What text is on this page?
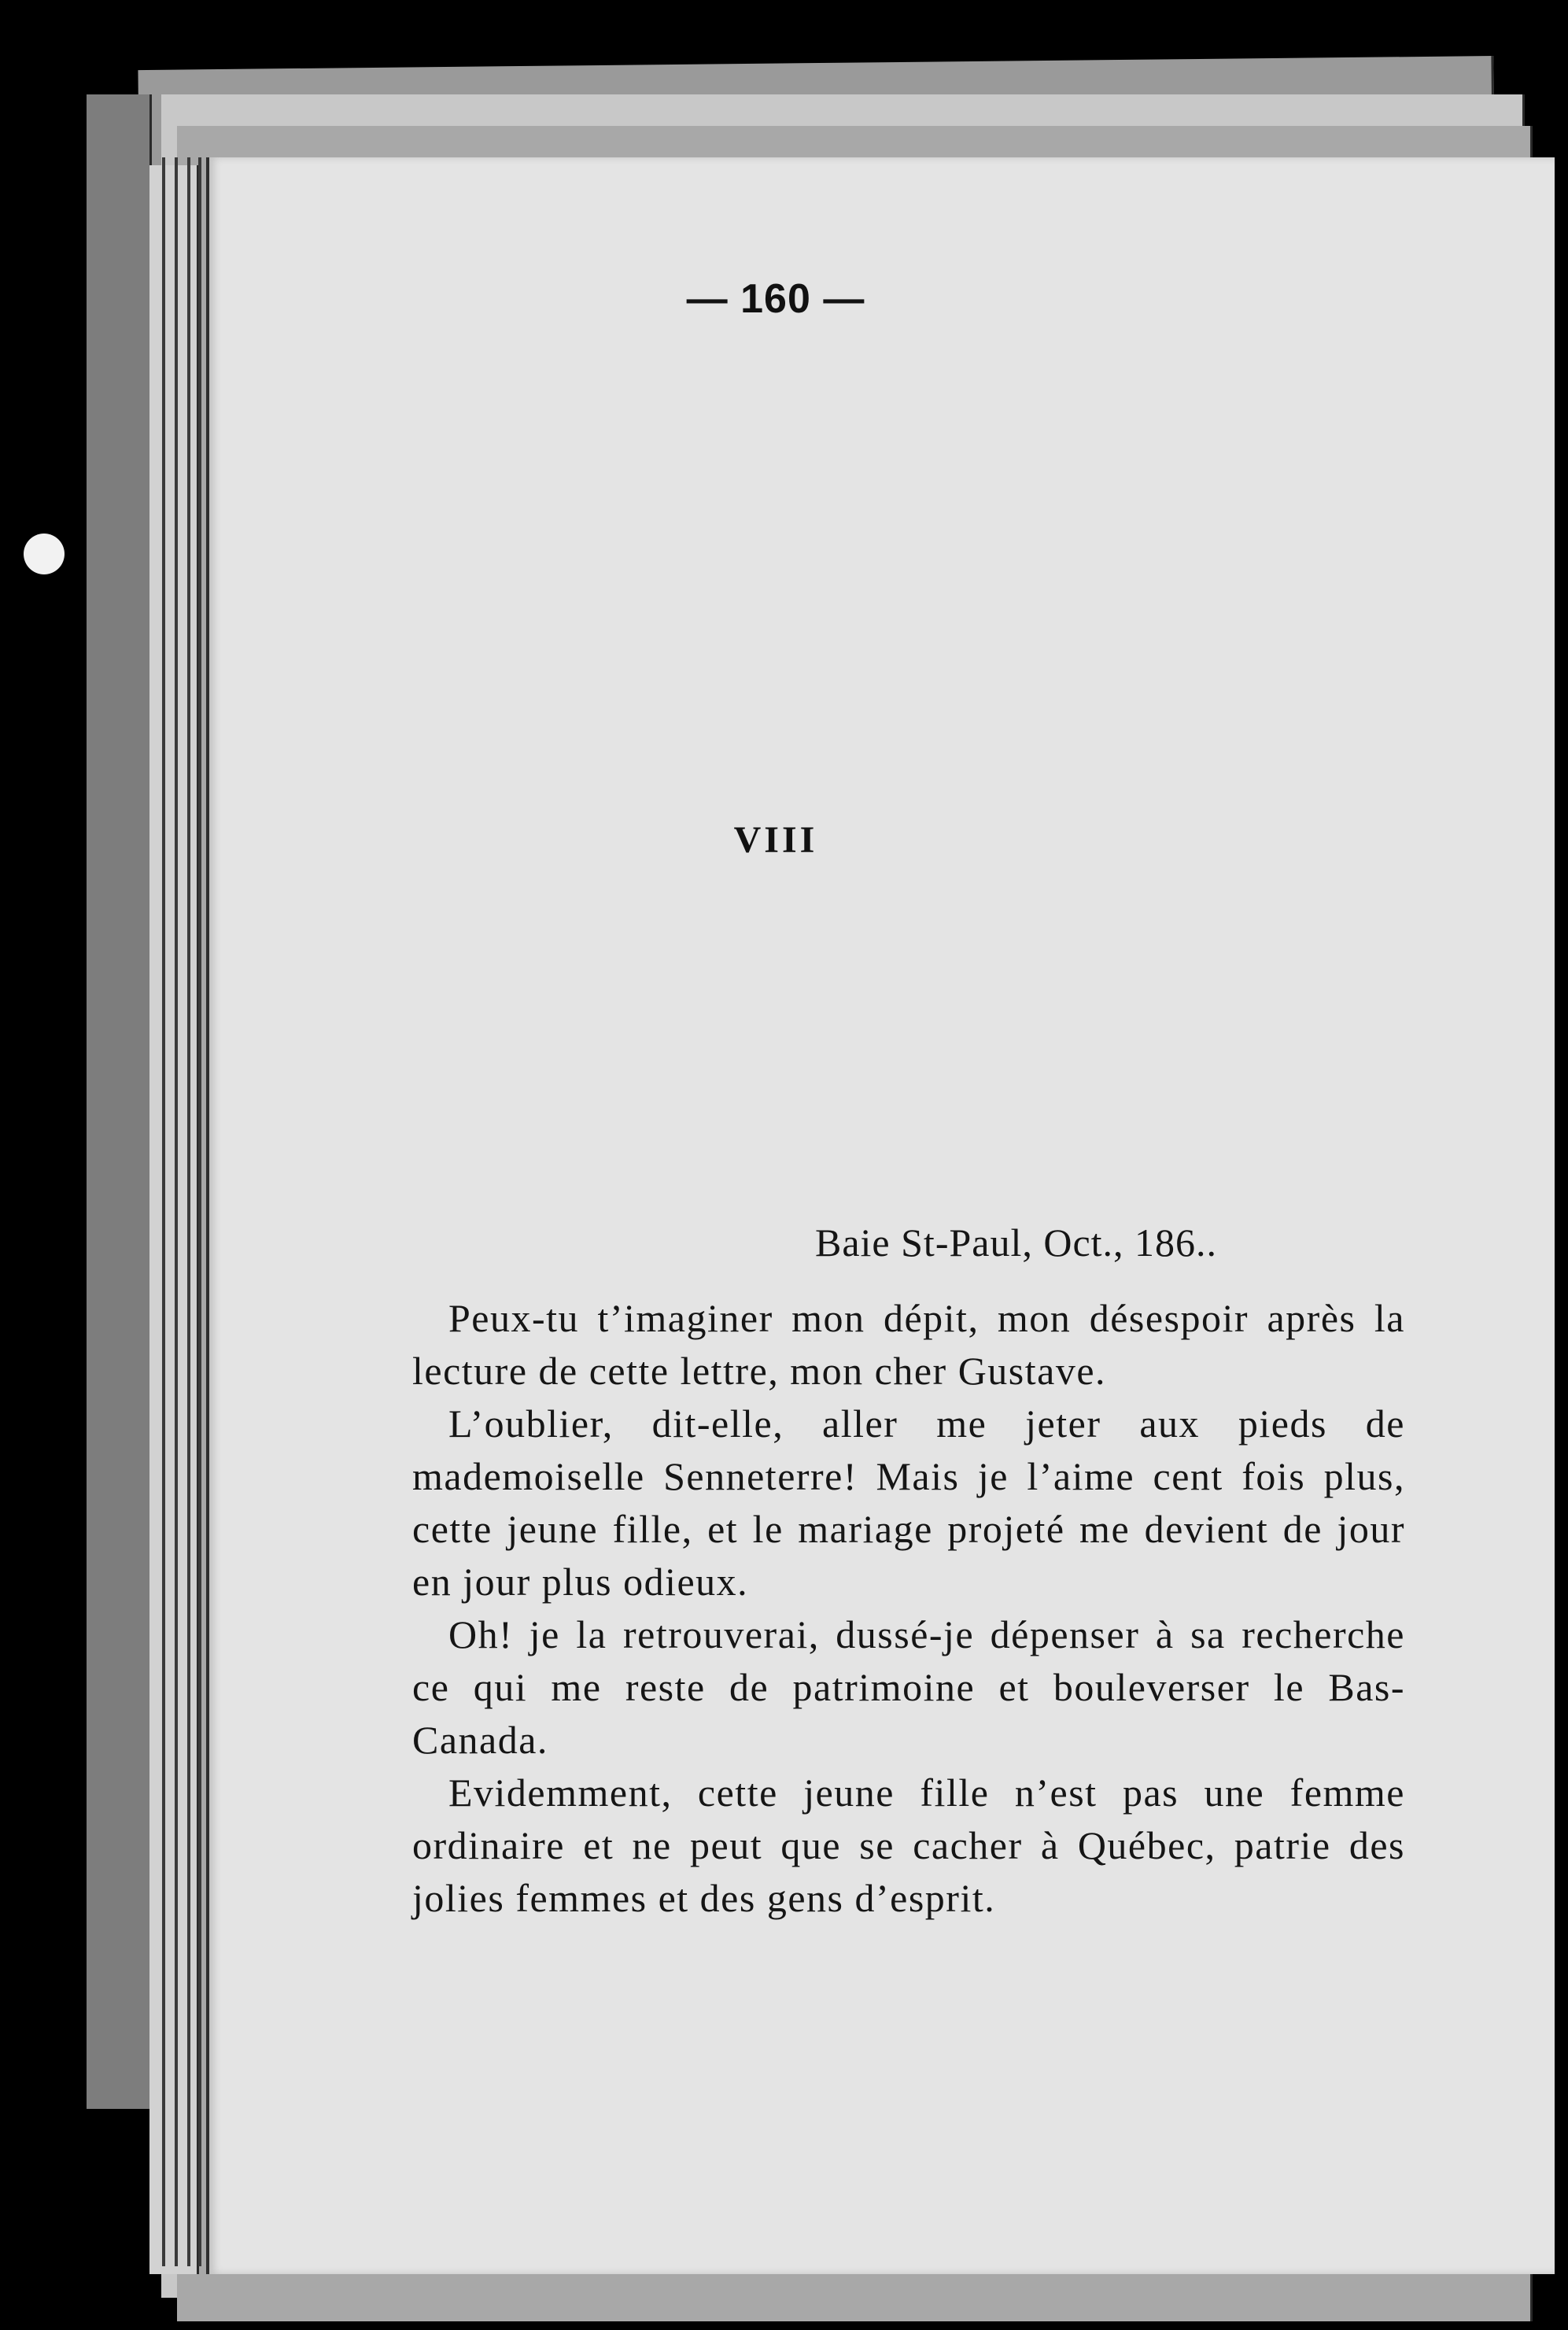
— 160 —
VIII
Baie St-Paul, Oct., 186..

Peux-tu t’imaginer mon dépit, mon désespoir après la lecture de cette lettre, mon cher Gustave.

L’oublier, dit-elle, aller me jeter aux pieds de mademoiselle Senneterre! Mais je l’aime cent fois plus, cette jeune fille, et le mariage projeté me devient de jour en jour plus odieux.

Oh! je la retrouverai, dussé-je dépenser à sa recherche ce qui me reste de patrimoine et bouleverser le Bas-Canada.

Evidemment, cette jeune fille n’est pas une femme ordinaire et ne peut que se cacher à Québec, patrie des jolies femmes et des gens d’esprit.
